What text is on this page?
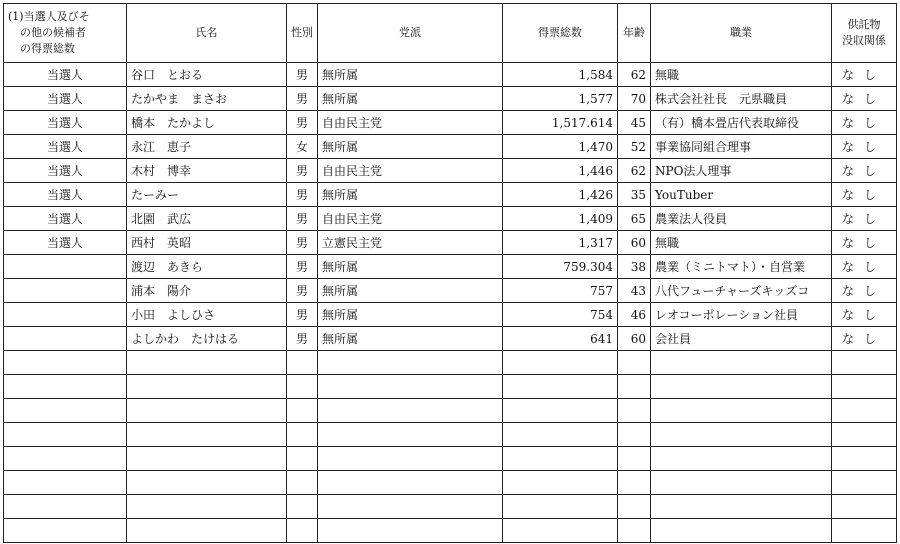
(1)当選人及びそ
の他の候補者
の得票総数	氏名	性別	党派	得票総数	年齢	職業	供託物
没収関係

当選人	谷口　とおる	男	無所属	1,584	62	無職	なし
当選人	たかやま　まさお	男	無所属	1,577	70	株式会社社長　元県職員	なし
当選人	橋本　たかよし	男	自由民主党	1,517.614	45	（有）橋本畳店代表取締役	なし
当選人	永江　恵子	女	無所属	1,470	52	事業協同組合理事	なし
当選人	木村　博幸	男	自由民主党	1,446	62	NPO法人理事	なし
当選人	たーみー	男	無所属	1,426	35	YouTuber	なし
当選人	北園　武広	男	自由民主党	1,409	65	農業法人役員	なし
当選人	西村　英昭	男	立憲民主党	1,317	60	無職	なし
	渡辺　あきら	男	無所属	759.304	38	農業（ミニトマト）・自営業	なし
	浦本　陽介	男	無所属	757	43	八代フューチャーズキッズコ	なし
	小田　よしひさ	男	無所属	754	46	レオコーポレーション社員	なし
	よしかわ　たけはる	男	無所属	641	60	会社員	なし
